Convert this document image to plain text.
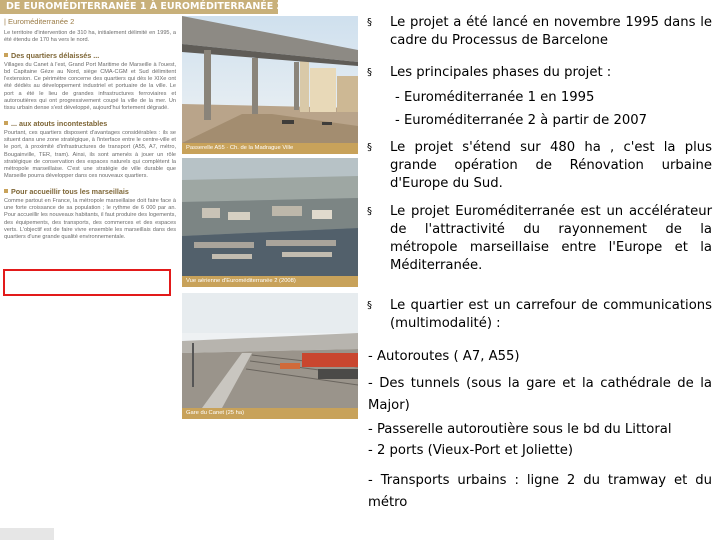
DE EUROMÉDITERRANÉE 1 À EUROMÉDITERRANÉE 2
| Euroméditerranée 2
Le territoire d'intervention de 310 ha, initialement délimité en 1995, a été étendu de 170 ha vers le nord.
Des quartiers délaissés ...
Villages du Canet à l'est, Grand Port Maritime de Marseille à l'ouest, bd Capitaine Gèze au Nord, siège CMA-CGM et Sud délimitent l'extension. Ce périmètre concerne des quartiers qui dès le XIXe ont été dédiés au développement industriel et portuaire de la ville. Le port a été le lieu de grandes infrastructures ferroviaires et autoroutières qui ont progressivement coupé la ville de la mer. Un tissu urbain dense s'est développé, aujourd'hui fortement dégradé.
... aux atouts incontestables
Pourtant, ces quartiers disposent d'avantages considérables : ils se situent dans une zone stratégique, à l'interface entre le centre-ville et le port, à proximité d'infrastructures de transport (A55, A7, métro, Bougainville, TER, tram). Ainsi, ils sont amenés à jouer un rôle stratégique de conservation des espaces naturels qui complètent la métropole marseillaise. C'est une stratégie de ville durable que Marseille pourra développer dans ces nouveaux quartiers.
Pour accueillir tous les marseillais
Comme partout en France, la métropole marseillaise doit faire face à une forte croissance de sa population ; le rythme de 6 000 par an. Pour accueillir les nouveaux habitants, il faut produire des logements, des équipements, des transports, des commerces et des espaces verts. L'objectif est de faire vivre ensemble les marseillais dans des quartiers d'une grande qualité environnementale.
Passerelle A55 · Ch. de la Madrague Ville
Vue aérienne d'Euroméditerranée 2 (2008)
Gare du Canet (25 ha)
§ Le projet a été lancé en novembre 1995 dans le cadre du Processus de Barcelone
§ Les principales phases du projet :
- Euroméditerranée 1 en 1995
- Euroméditerranée 2 à partir de 2007
§ Le projet s'étend sur 480 ha , c'est la plus grande opération de Rénovation urbaine d'Europe du Sud.
§ Le projet Euroméditerranée est un accélérateur de l'attractivité du rayonnement de la métropole marseillaise entre l'Europe et la Méditerranée.
§ Le quartier est un carrefour de communications (multimodalité) :
- Autoroutes ( A7, A55)
- Des tunnels (sous la gare et la cathédrale de la Major)
- Passerelle autoroutière sous le bd du Littoral
- 2 ports (Vieux-Port et Joliette)
- Transports urbains : ligne 2 du tramway et du métro
